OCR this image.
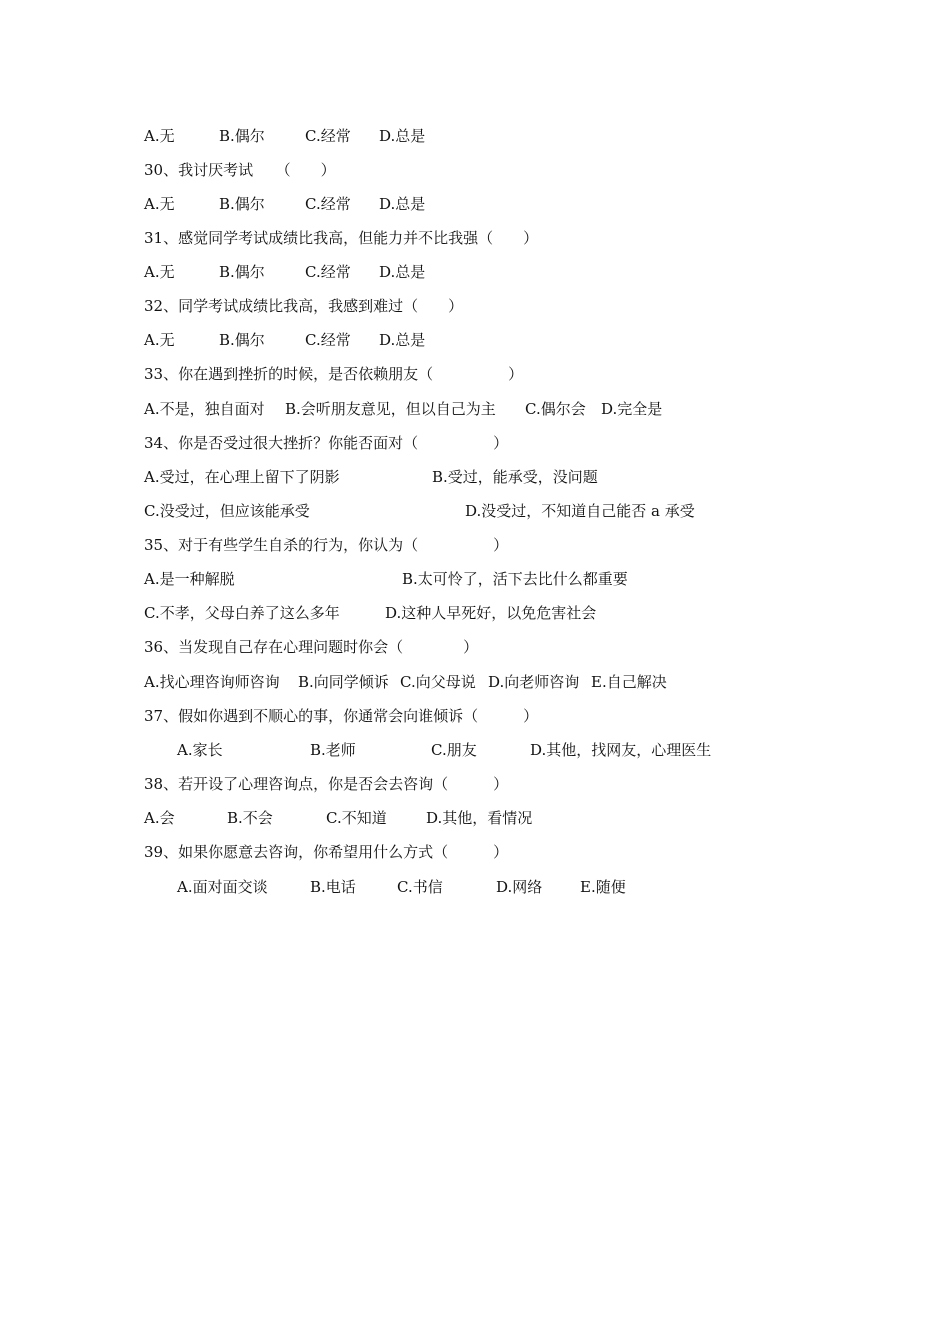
A.无	B.偶尔	C.经常 D.总是
30、我讨厌考试　　（　　）
A.无	B.偶尔	C.经常 D.总是
31、感觉同学考试成绩比我高，但能力并不比我强（　　）
A.无	B.偶尔	C.经常 D.总是
32、同学考试成绩比我高，我感到难过（　　）
A.无	B.偶尔	C.经常 D.总是
33、你在遇到挫折的时候，是否依赖朋友（　　　　　）
A.不是，独自面对 B.会听朋友意见，但以自己为主 C.偶尔会 D.完全是
34、你是否受过很大挫折？你能否面对（　　　　　）
A.受过，在心理上留下了阴影	B.受过，能承受，没问题
C.没受过，但应该能承受	D.没受过，不知道自己能否 a 承受
35、对于有些学生自杀的行为，你认为（　　　　　）
A.是一种解脱	B.太可怜了，活下去比什么都重要
C.不孝，父母白养了这么多年	D.这种人早死好，以免危害社会
36、当发现自己存在心理问题时你会（　　　　）
A.找心理咨询师咨询 B.向同学倾诉 C.向父母说 D.向老师咨询 E.自己解决
37、假如你遇到不顺心的事，你通常会向谁倾诉（　　　）
A.家长	B.老师	C.朋友	D.其他，找网友，心理医生
38、若开设了心理咨询点，你是否会去咨询（　　　）
A.会	B.不会	C.不知道	D.其他，看情况
39、如果你愿意去咨询，你希望用什么方式（　　　）
A.面对面交谈	B.电话	C.书信	D.网络	E.随便
